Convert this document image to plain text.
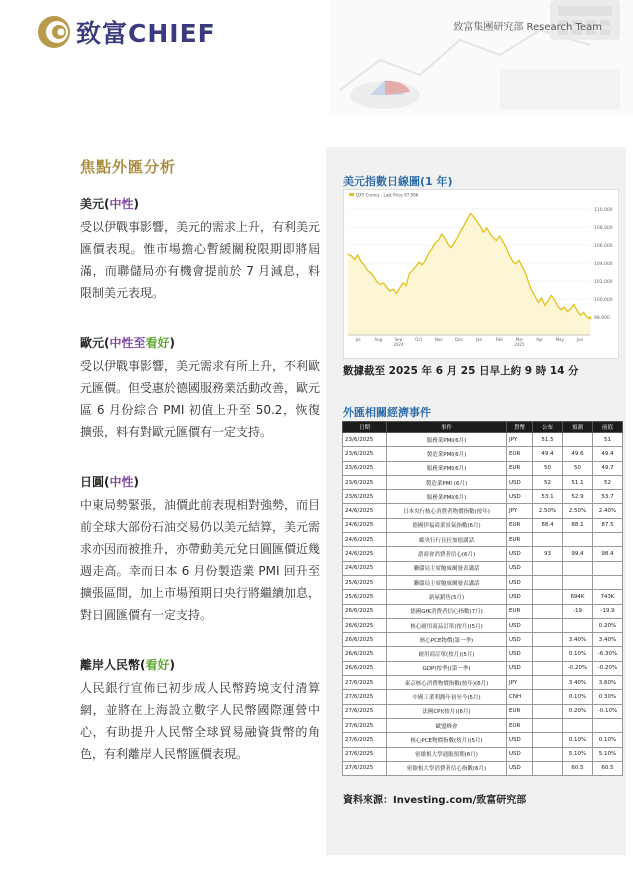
致富CHIEF	致富集團研究部 Research Team
焦點外匯分析
美元(中性)
受以伊戰事影響，美元的需求上升，有利美元匯價表現。惟市場擔心暫緩關稅限期即將屆滿，而聯儲局亦有機會提前於 7 月減息，料限制美元表現。
歐元(中性至看好)
受以伊戰事影響，美元需求有所上升，不利歐元匯價。但受惠於德國服務業活動改善，歐元區 6 月份綜合 PMI 初值上升至 50.2，恢復擴張，料有對歐元匯價有一定支持。
日圓(中性)
中東局勢緊張，油價此前表現相對強勢，而目前全球大部份石油交易仍以美元結算，美元需求亦因而被推升，亦帶動美元兌日圓匯價近幾週走高。幸而日本 6 月份製造業 PMI 回升至擴張區間，加上市場預期日央行將繼續加息，對日圓匯價有一定支持。
離岸人民幣(看好)
人民銀行宣佈已初步成人民幣跨境支付清算網，並將在上海設立數字人民幣國際運營中心，有助提升人民幣全球貿易融資貨幣的角色，有利離岸人民幣匯價表現。
美元指數日線圖(1 年)
110.000
108.000
106.000
104.000
102.000
100.000
98.000
DXY Curncy - Last Price 97.906
Jul	Aug	Sep	Oct	Nov	Dec	Jan	Feb	Mar	Apr	May	Jun
2024	2025
數據截至 2025 年 6 月 25 日早上約 9 時 14 分
外匯相關經濟事件
日期	事件	貨幣	公布	預測	前值
23/6/2025	服務業PMI(6月)	JPY	51.5		51
23/6/2025	製造業PMI(6月)	EUR	49.4	49.6	49.4
23/6/2025	服務業PMI(6月)	EUR	50	50	49.7
23/6/2025	製造業PMI (6月)	USD	52	51.1	52
23/6/2025	服務業PMI(6月)	USD	53.1	52.9	53.7
24/6/2025	日本央行核心消費者物價指數(按年)	JPY	2.50%	2.50%	2.40%
24/6/2025	德國伊福商業景氣指數(6月)	EUR	88.4	88.1	87.5
24/6/2025	歐央行行長拉加德講話	EUR			
24/6/2025	諮商會消費者信心(6月)	USD	93	99.4	98.4
24/6/2025	聯儲局主席鮑威爾發表講話	USD			
25/6/2025	聯儲局主席鮑威爾發表講話	USD			
25/6/2025	新屋銷售(5月)	USD		694K	743K
26/6/2025	德國GfK消費者信心指數(7月)	EUR		-19	-19.9
26/6/2025	核心耐用商品訂單(按月)(5月)	USD			0.20%
26/6/2025	核心PCE物價(第一季)	USD		3.40%	3.40%
26/6/2025	耐用商訂單(按月)(5月)	USD		0.10%	-6.30%
26/6/2025	GDP(按季)(第一季)	USD		-0.20%	-0.20%
27/6/2025	東京核心消費物價指數(按年)(6月)	JPY		3.40%	3.60%
27/6/2025	中國工業利潤年初至今(5月)	CNH		0.10%	0.30%
27/6/2025	法國CPI(按月)(6月)	EUR		0.20%	-0.10%
27/6/2025	歐盟峰會	EUR			
27/6/2025	核心PCE物價指數(按月)(5月)	USD		0.10%	0.10%
27/6/2025	密歇根大學通脹預期(6月)	USD		5.10%	5.10%
27/6/2025	密歇根大學消費者信心指數(6月)	USD		60.5	60.5
資料來源：Investing.com/致富研究部
